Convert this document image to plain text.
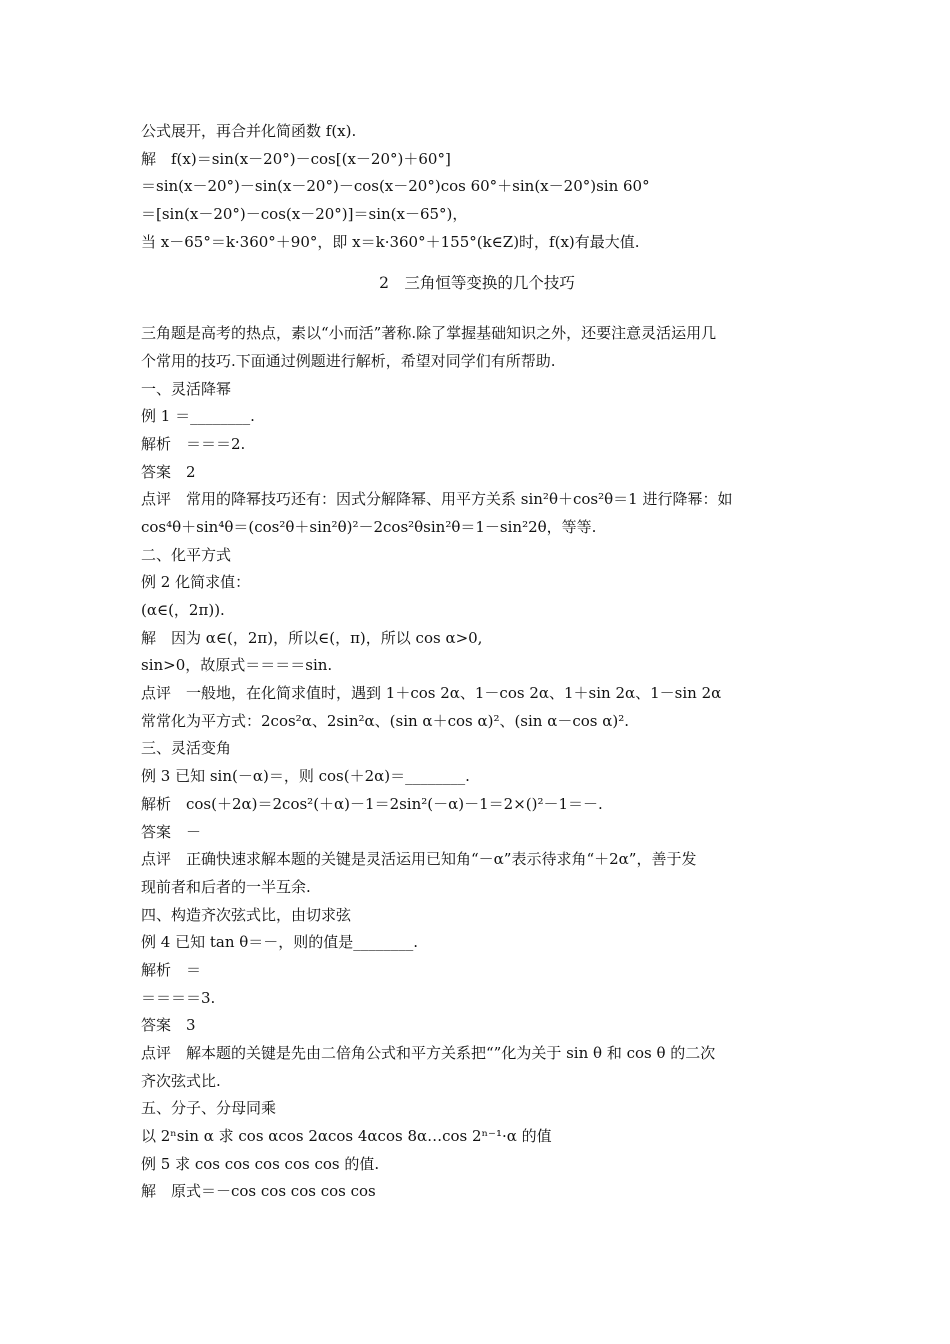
公式展开，再合并化简函数 f(x).
解　f(x)＝sin(x－20°)－cos[(x－20°)＋60°]
＝sin(x－20°)－sin(x－20°)－cos(x－20°)cos 60°＋sin(x－20°)sin 60°
＝[sin(x－20°)－cos(x－20°)]＝sin(x－65°)，
当 x－65°＝k·360°＋90°，即 x＝k·360°＋155°(k∈Z)时，f(x)有最大值.
2　三角恒等变换的几个技巧
三角题是高考的热点，素以“小而活”著称.除了掌握基础知识之外，还要注意灵活运用几
个常用的技巧.下面通过例题进行解析，希望对同学们有所帮助.
一、灵活降幂
例 1 ＝________.
解析　＝＝＝2.
答案　2
点评　常用的降幂技巧还有：因式分解降幂、用平方关系 sin²θ＋cos²θ＝1 进行降幂：如
cos⁴θ＋sin⁴θ＝(cos²θ＋sin²θ)²－2cos²θsin²θ＝1－sin²2θ，等等.
二、化平方式
例 2 化简求值：
(α∈(，2π)).
解　因为 α∈(，2π)，所以∈(，π)，所以 cos α>0,
sin>0，故原式＝＝＝＝sin.
点评　一般地，在化简求值时，遇到 1＋cos 2α、1－cos 2α、1＋sin 2α、1－sin 2α
常常化为平方式：2cos²α、2sin²α、(sin α＋cos α)²、(sin α－cos α)².
三、灵活变角
例 3 已知 sin(－α)＝，则 cos(＋2α)＝________.
解析　cos(＋2α)＝2cos²(＋α)－1＝2sin²(－α)－1＝2×()²－1＝－.
答案　－
点评　正确快速求解本题的关键是灵活运用已知角“－α”表示待求角“＋2α”，善于发
现前者和后者的一半互余.
四、构造齐次弦式比，由切求弦
例 4 已知 tan θ＝－，则的值是________.
解析　＝
＝＝＝＝3.
答案　3
点评　解本题的关键是先由二倍角公式和平方关系把“”化为关于 sin θ 和 cos θ 的二次
齐次弦式比.
五、分子、分母同乘
以 2ⁿsin α 求 cos αcos 2αcos 4αcos 8α…cos 2ⁿ⁻¹·α 的值
例 5 求 cos cos cos cos cos 的值.
解　原式＝－cos cos cos cos cos
